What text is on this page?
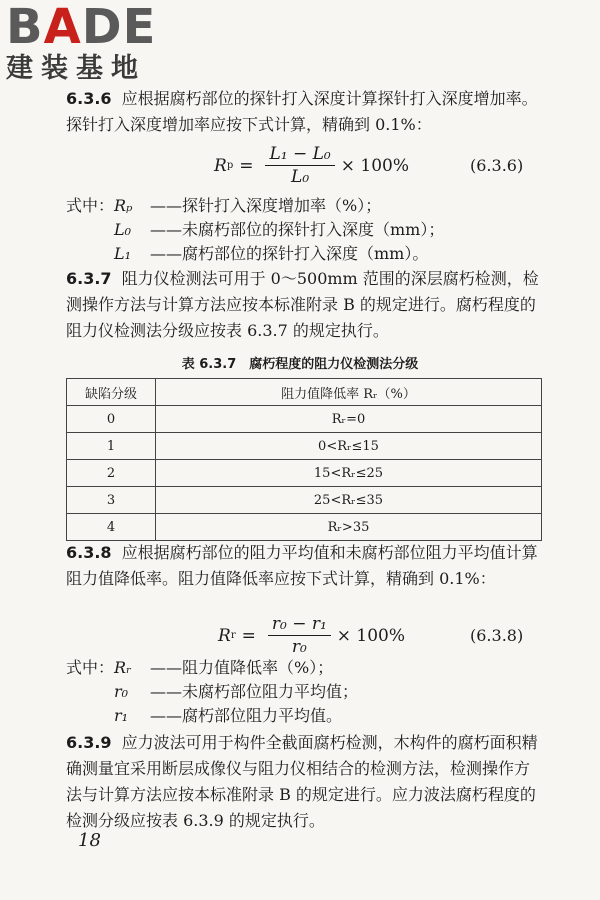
BADE
建装基地
6.3.6 应根据腐朽部位的探针打入深度计算探针打入深度增加率。探针打入深度增加率应按下式计算，精确到 0.1%：
R $p = \frac{\text{L₁ − L₀}}{\text{L₀}} \times 100\%$	(6.3.6)
式中：Rₚ ——探针打入深度增加率（%）；
L₀ ——未腐朽部位的探针打入深度（mm）；
L₁ ——腐朽部位的探针打入深度（mm）。
6.3.7 阻力仪检测法可用于 0～500mm 范围的深层腐朽检测，检测操作方法与计算方法应按本标准附录 B 的规定进行。腐朽程度的阻力仪检测法分级应按表 6.3.7 的规定执行。
表 6.3.7　腐朽程度的阻力仪检测法分级
缺陷分级	阻力值降低率 Rᵣ（%）
0	Rᵣ=0
1	0<Rᵣ≤15
2	15<Rᵣ≤25
3	25<Rᵣ≤35
4	Rᵣ>35
6.3.8 应根据腐朽部位的阻力平均值和未腐朽部位阻力平均值计算阻力值降低率。阻力值降低率应按下式计算，精确到 0.1%：
R $r = \frac{\text{r₀ − r₁}}{\text{r₀}} \times 100\%$	(6.3.8)
式中：Rᵣ ——阻力值降低率（%）；
r₀ ——未腐朽部位阻力平均值；
r₁ ——腐朽部位阻力平均值。
6.3.9 应力波法可用于构件全截面腐朽检测，木构件的腐朽面积精确测量宜采用断层成像仪与阻力仪相结合的检测方法，检测操作方法与计算方法应按本标准附录 B 的规定进行。应力波法腐朽程度的检测分级应按表 6.3.9 的规定执行。
18
